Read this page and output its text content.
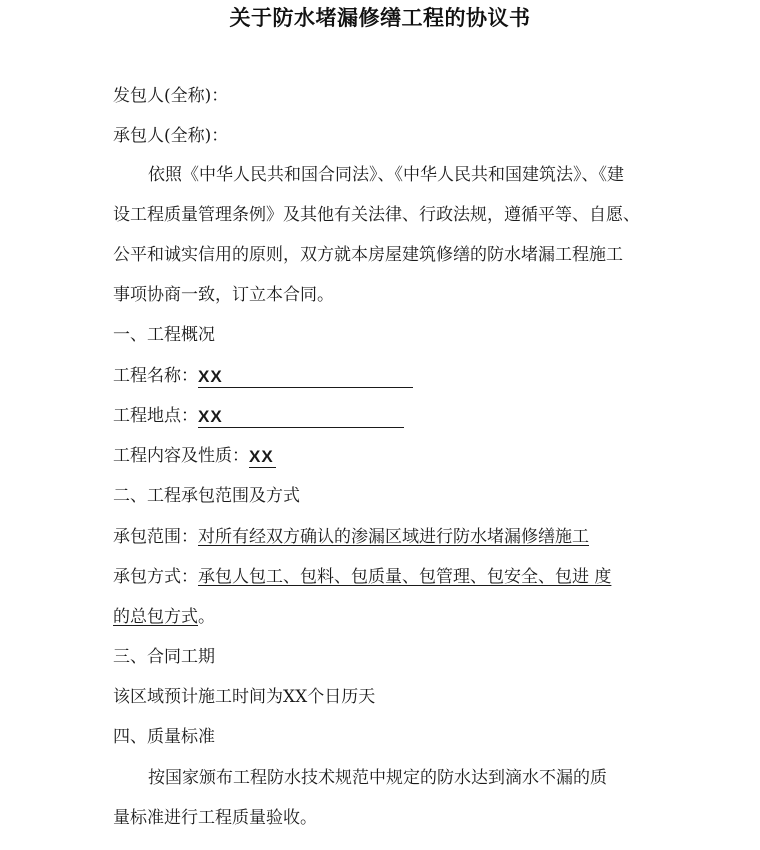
关于防水堵漏修缮工程的协议书
发包人(全称)：
承包人(全称)：
依照《中华人民共和国合同法》、《中华人民共和国建筑法》、《建
设工程质量管理条例》及其他有关法律、行政法规，遵循平等、自愿、
公平和诚实信用的原则，双方就本房屋建筑修缮的防水堵漏工程施工
事项协商一致，订立本合同。
一、工程概况
工程名称：XX
工程地点：XX
工程内容及性质：XX
二、工程承包范围及方式
承包范围：对所有经双方确认的渗漏区域进行防水堵漏修缮施工
承包方式：承包人包工、包料、包质量、包管理、包安全、包进 度
的总包方式。
三、合同工期
该区域预计施工时间为XX个日历天
四、质量标准
按国家颁布工程防水技术规范中规定的防水达到滴水不漏的质
量标准进行工程质量验收。
